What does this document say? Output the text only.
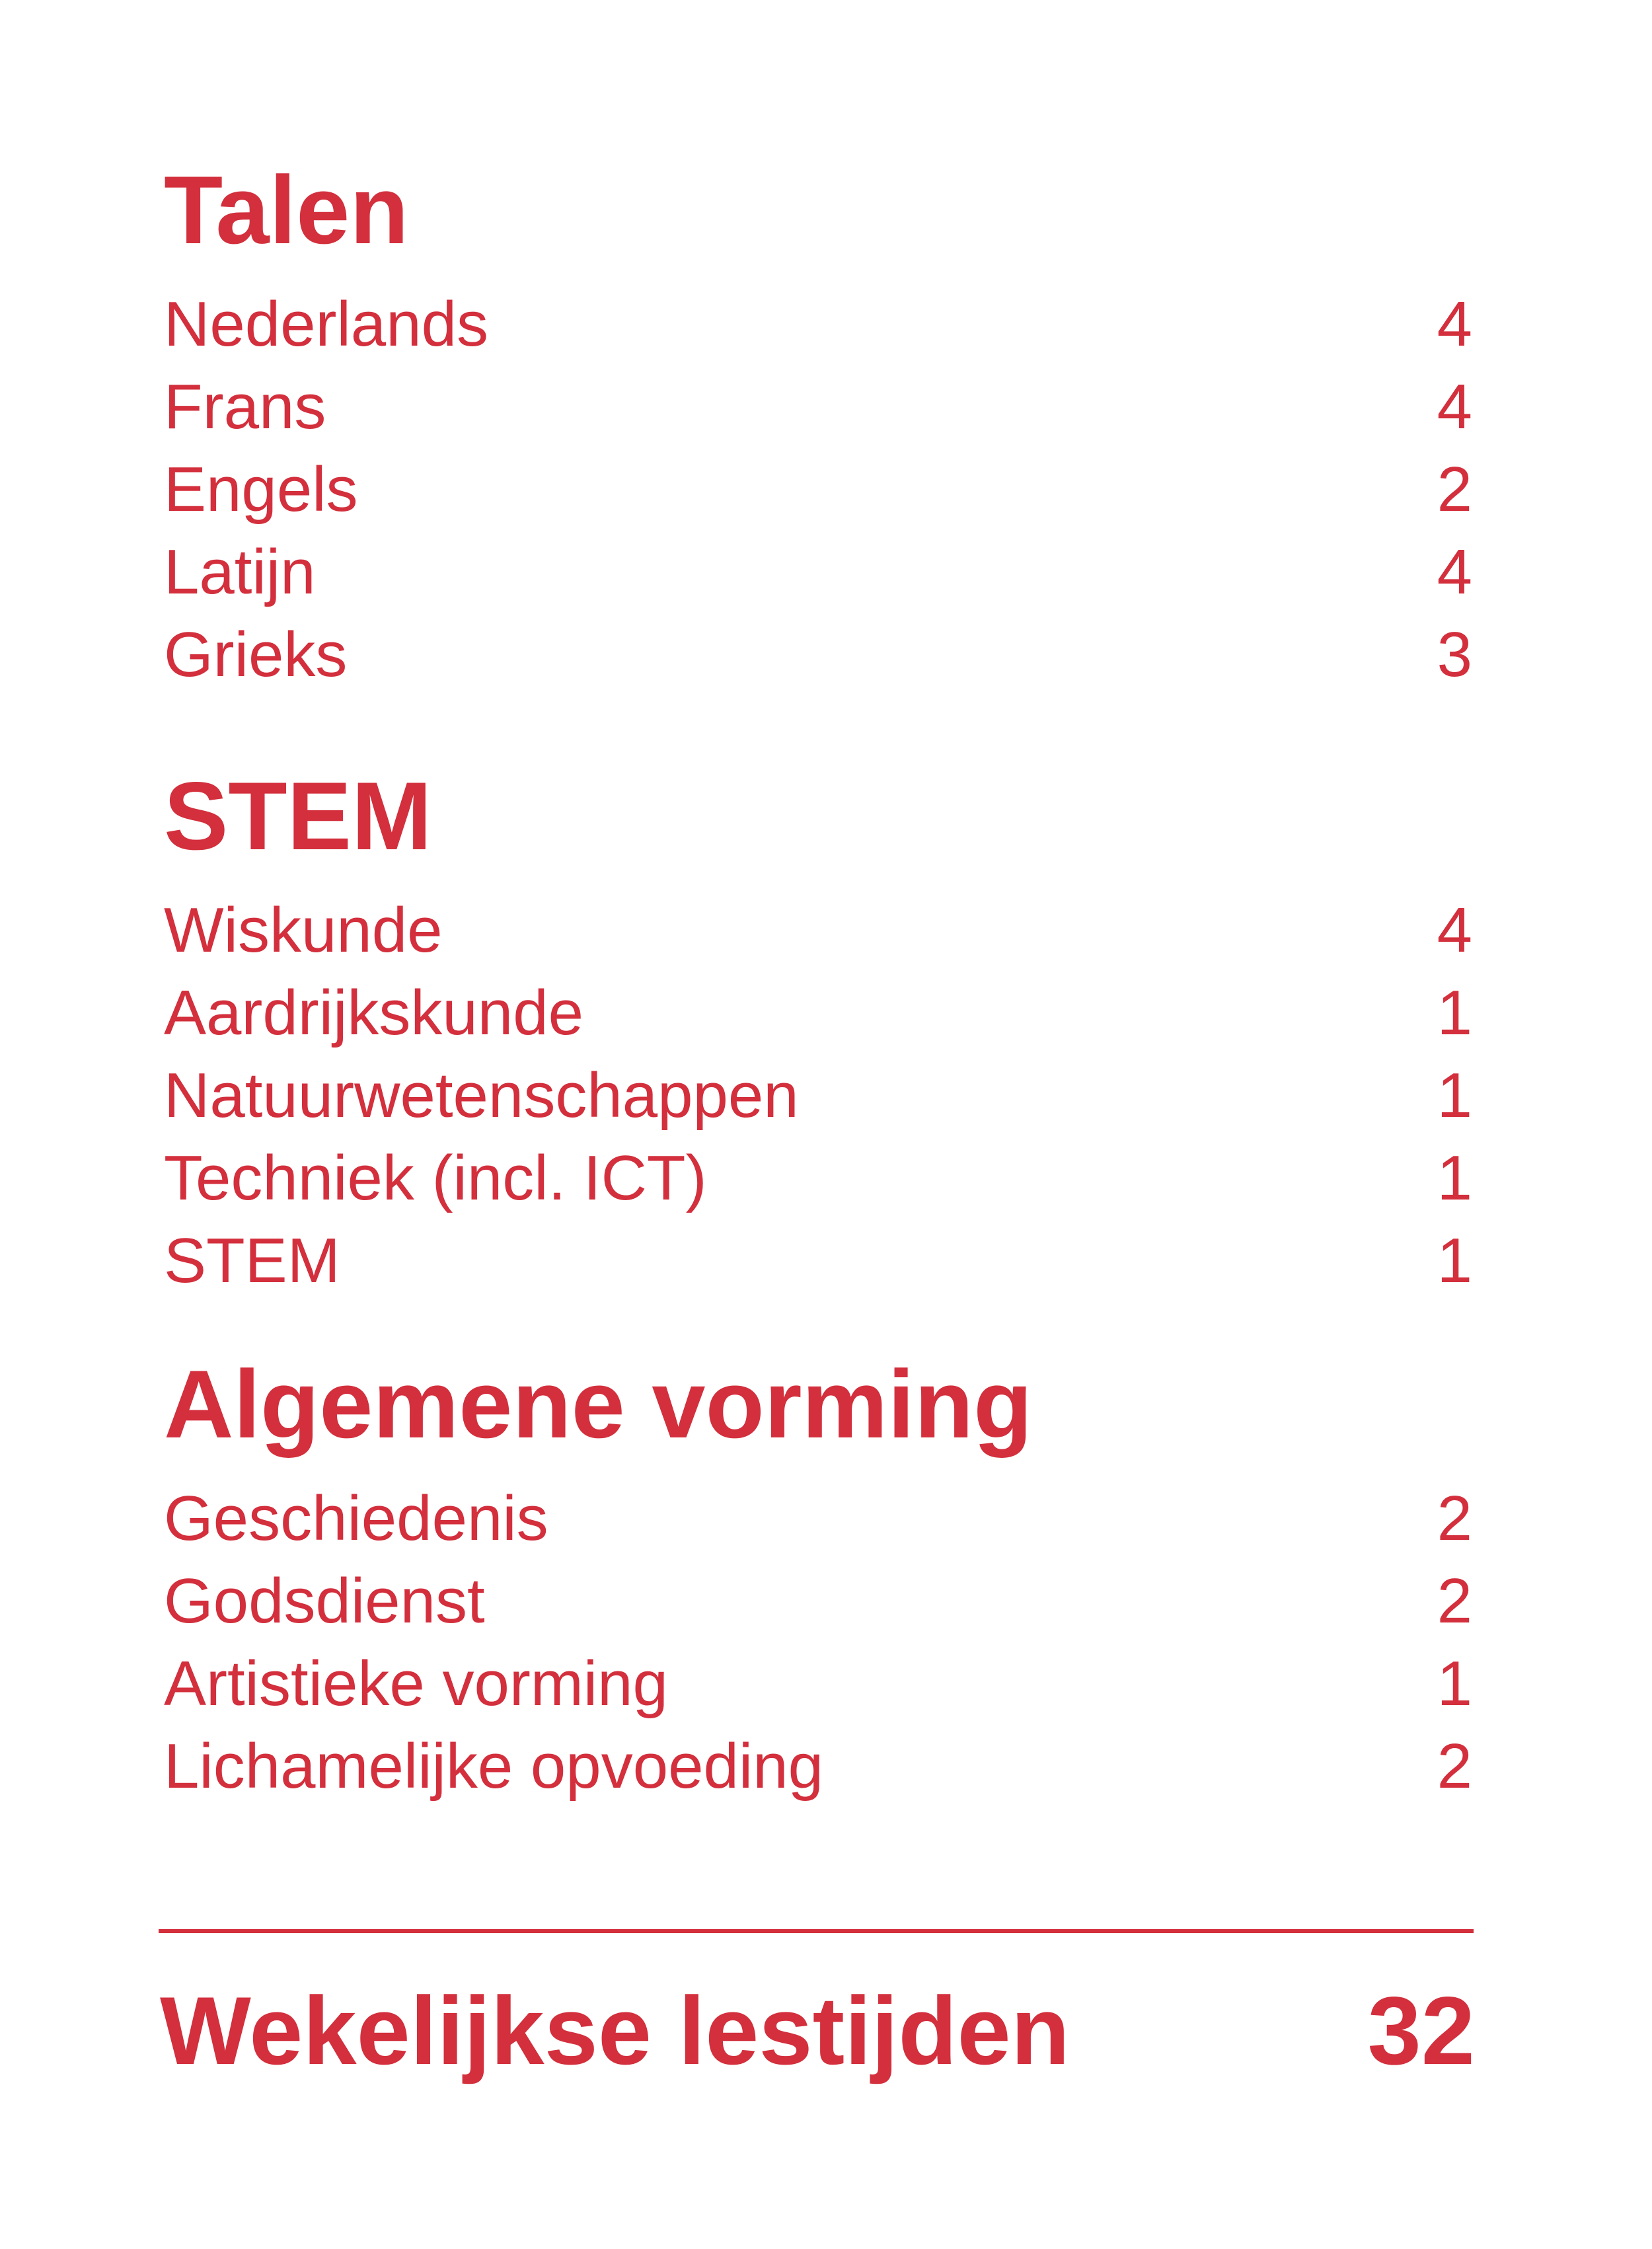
Talen
Nederlands	4
Frans	4
Engels	2
Latijn	4
Grieks	3
STEM
Wiskunde	4
Aardrijkskunde	1
Natuurwetenschappen	1
Techniek (incl. ICT)	1
STEM	1
Algemene vorming
Geschiedenis	2
Godsdienst	2
Artistieke vorming	1
Lichamelijke opvoeding	2
Wekelijkse lestijden	32
